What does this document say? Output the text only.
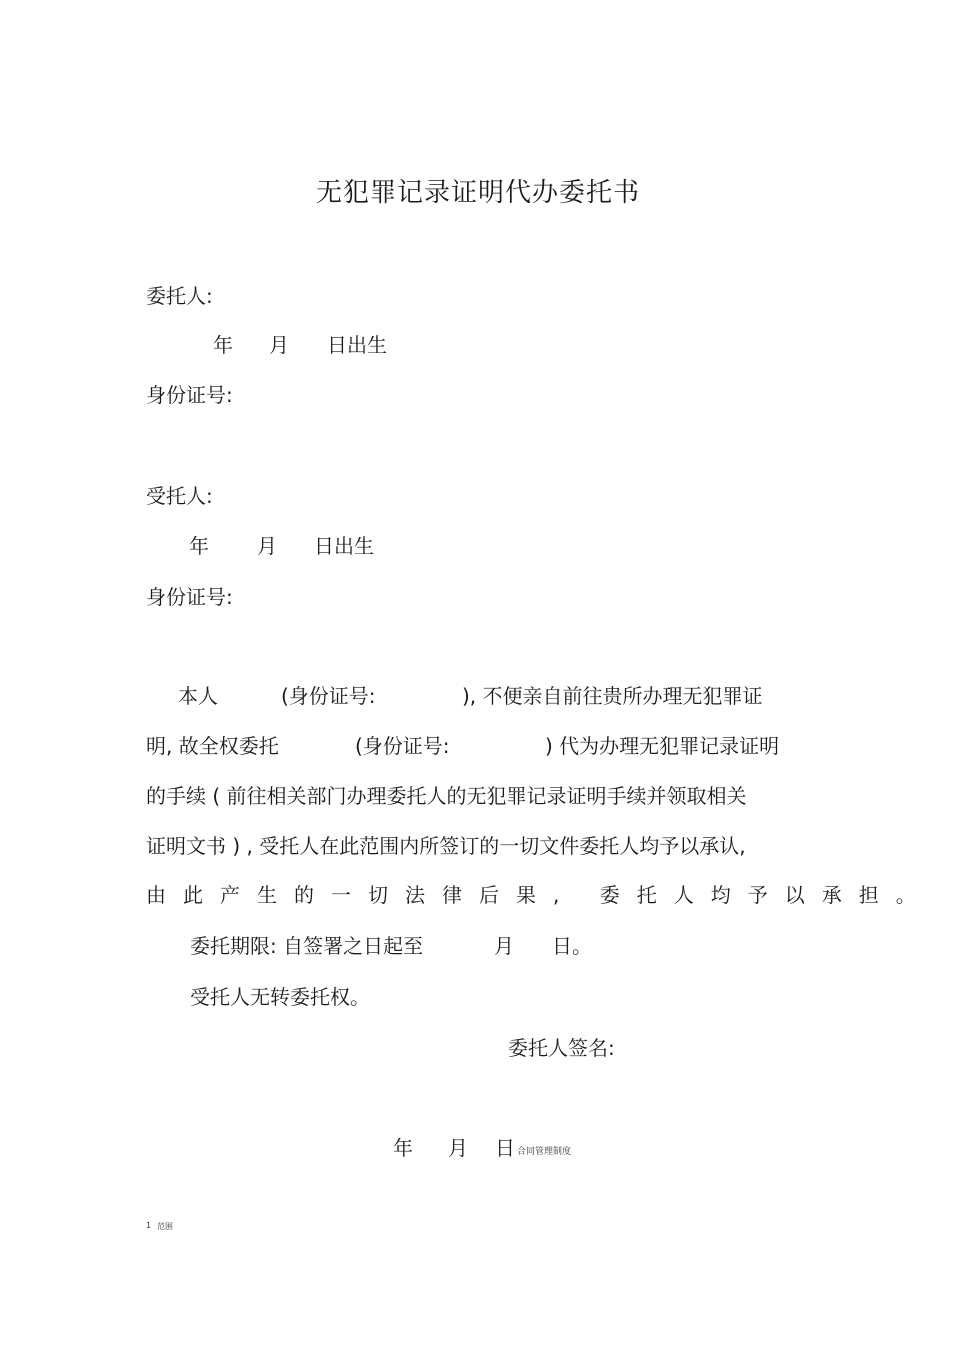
无犯罪记录证明代办委托书
委托人:
年 月 日出生
身份证号:
受托人:
年 月 日出生
身份证号:
本人	(身份证号:	), 不便亲自前往贵所办理无犯罪证
明, 故全权委托	(身份证号:	) 代为办理无犯罪记录证明
的手续 ( 前往相关部门办理委托人的无犯罪记录证明手续并领取相关
证明文书 ) , 受托人在此范围内所签订的一切文件委托人均予以承认,
由此产生的一切法律后果, 委托人均予以承担。
委托期限: 自签署之日起至	月 日。
受托人无转委托权。
委托人签名:
年 月 日 合同管理制度
1 范围
